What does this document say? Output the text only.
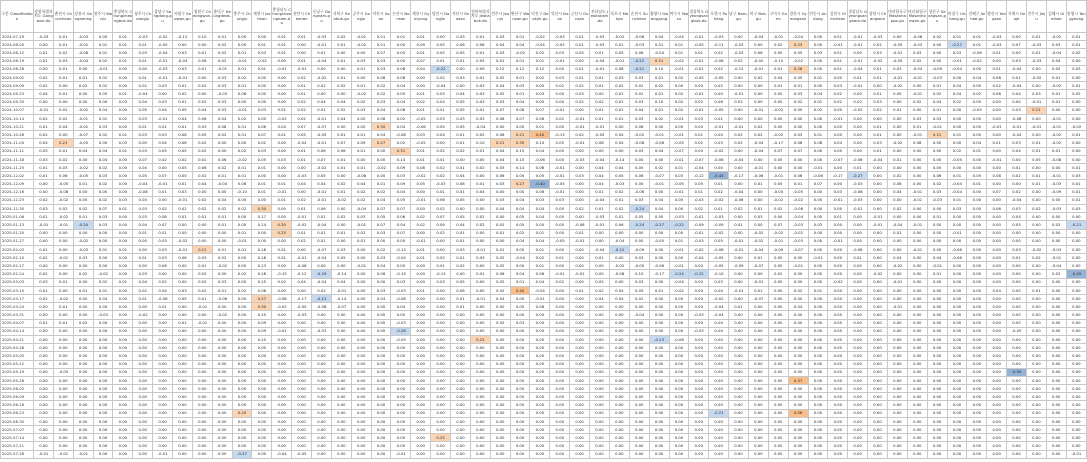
구분 Classification	강원특별자치도 Gangwon-do	춘천시 Chuncheon	강릉시 Gangneung	원주시 Wonju	충청북도 Chungcheongbuk-do	청주시 Cheongju	상당구 Sangdang-gu	서원구 Seowon-gu	청원구 Cheongwon-gu	흥덕구 Heungdeok-gu	충주시 Chungju	제천시 Jecheon	충청남도 Chungcheongnam-do	천안시 Cheonan	동남구 Dongnam-gu	서북구 Seobuk-gu	공주시 Gongju	아산시 Asan	논산시 Nonsan	계룡시 Gyeryong	당진시 Dangjin	서산시 Seosan	전북특별자치도 Jeollabuk-do	전주시 Jeonju	완산구 Wansan-gu	덕진구 Deokjin-gu	익산시 Iksan	군산시 Gunsan	전라남도 Jeollanam-do	목포시 Mokpo	순천시 Suncheon	광양시 Gwangyang	여수시 Yeosu	경상북도 Gyeongsangbuk-do	포항시 Pohang	남구 Nam-gu	북구 Buk-gu	구미시 Gumi	경산시 Gyeongsan	안동시 Andong	김천시 Gimcheon	경상남도 Gyeongsangnam-do	창원시 Changwon	마산합포구 Masanhappo-gu	마산회원구 Masanhoewon-gu	성산구 Seongsan-gu	의창구 Uichang-gu	진해구 Jinhae-gu	양산시 Yangsan	거제시 Geoje	진주시 Jinju	김해시 Gimhae	통영시 Tongyeong
2024-07-29	-0.03	0.01	-0.03	0.00	0.01	-0.03	-0.02	-0.12	0.10	0.01	0.00	0.00	0.01	0.01	-0.03	0.02	-0.01	0.01	0.01	0.01	0.00	0.03	0.01	0.03	0.01	-0.02	-0.03	0.01	-0.03	-0.02	-0.06	0.04	-0.04	-0.01	-0.03	0.00	-0.04	-0.01	-0.04	0.00	0.01	-0.01	-0.03	0.00	-0.06	0.02	0.01	0.01	-0.03	0.00	0.01	-0.02	0.01
2024-08-05	0.00	0.01	-0.02	0.01	0.01	0.01	-0.05	0.00	0.00	0.02	0.00	0.01	0.01	0.00	-0.01	0.01	-0.02	0.01	0.00	0.09	0.05	0.06	0.08	0.04	0.04	-0.04	-0.02	0.01	-0.03	0.01	-0.03	0.01	0.01	-0.05	-0.11	-0.03	0.00	0.02	0.23	0.00	-0.01	-0.01	0.02	-0.05	-0.03	0.00	-0.27	0.01	-0.03	0.07	-0.03	0.03	0.01
2024-08-12	0.01	0.02	-0.08	0.01	0.00	0.03	-0.04	0.03	0.01	0.02	0.01	0.03	0.01	0.00	0.01	0.00	0.00	0.07	0.05	0.01	0.02	0.05	0.01	0.03	-0.02	0.02	0.03	0.05	0.01	0.05	0.06	-0.04	0.01	0.01	0.02	-0.03	0.06	0.00	0.05	0.03	0.01	0.00	0.03	-0.01	0.03	0.00	0.03	-0.06	0.01	0.00	0.01	-0.04	0.02
2024-08-19	0.01	0.03	-0.04	0.02	0.01	0.01	-0.01	-0.04	0.06	0.02	-0.01	-0.02	0.00	0.01	-0.04	0.01	0.03	0.03	0.00	0.07	0.01	0.01	0.05	0.01	0.01	0.01	-0.01	0.00	-0.04	-0.01	-0.22	0.21	-0.02	-0.01	-0.06	0.02	-0.02	-0.10	-0.02	0.00	0.01	-0.01	-0.02	-0.05	0.02	0.00	-0.01	-0.02	0.00	0.03	-0.03	0.04	0.00
2024-08-26	0.00	0.01	0.00	-0.01	0.00	0.00	-0.03	0.03	0.01	-0.01	0.01	0.01	-0.01	-0.01	0.00	0.00	0.01	0.03	0.08	0.04	-0.22	0.00	0.09	0.12	0.12	0.12	0.00	0.01	-0.01	0.08	-0.21	0.10	-0.01	-0.01	0.02	-0.12	-0.01	0.01	0.28	0.00	0.01	-0.04	0.01	0.03	-0.04	-0.09	-0.04	0.00	0.01	-0.04	0.00	0.02	0.03
2024-09-02	0.02	0.01	0.01	0.02	0.00	0.01	-0.01	-0.01	0.00	0.03	0.02	0.00	0.00	0.02	-0.02	0.01	0.00	0.06	0.08	0.00	0.02	0.03	0.01	0.02	0.01	0.02	0.03	0.01	0.01	0.03	0.03	0.01	0.02	-0.05	-0.05	0.00	0.02	0.04	0.05	0.01	0.00	0.01	0.01	-0.01	-0.01	-0.03	0.00	0.04	0.08	0.01	-0.02	0.01	0.00
2024-09-09	0.02	0.00	0.02	0.02	0.00	0.02	0.03	0.01	0.02	0.03	0.01	0.00	0.00	0.01	0.02	0.02	0.01	0.02	0.04	0.00	-0.04	0.00	0.03	0.04	0.03	0.05	0.02	0.02	0.01	0.02	0.02	0.02	0.00	0.00	0.02	0.00	0.00	0.01	0.01	0.00	0.03	-0.01	0.00	-0.02	0.00	0.01	0.04	0.00	0.02	-0.04	0.00	-0.02	0.01
2024-09-23	0.04	0.01	0.00	0.05	0.01	-0.04	0.00	0.02	0.00	-0.03	0.06	0.00	0.00	0.01	0.00	0.00	-0.02	0.02	0.05	0.01	0.03	0.04	0.03	0.02	0.01	0.03	0.00	0.03	0.00	0.01	0.02	0.01	0.02	-0.01	0.00	-0.01	0.00	0.00	0.03	0.04	0.02	0.00	0.01	0.05	-0.01	0.02	0.04	0.02	0.06	0.04	0.03	0.01	0.02
2024-09-30	0.00	0.00	0.00	0.00	0.03	0.04	0.03	0.01	0.02	0.03	0.00	0.00	0.00	0.02	0.04	0.04	0.02	0.03	0.04	0.02	0.04	0.05	0.03	0.03	0.04	0.05	0.00	0.02	0.02	0.01	0.03	0.10	0.02	0.02	0.06	0.02	0.00	0.00	0.02	0.01	0.02	0.02	0.03	0.00	0.02	0.04	0.02	0.05	0.00	0.00	-0.01	0.01	0.00
2024-10-07	-0.01	0.02	-0.02	0.04	0.00	0.05	0.04	0.05	0.04	0.03	-0.01	0.03	0.01	0.02	0.01	0.02	0.03	0.04	0.08	0.01	0.01	0.05	0.01	0.07	0.08	0.07	-0.01	0.00	0.01	0.01	0.04	0.01	0.02	-0.01	-0.05	0.00	-0.01	-0.02	0.00	0.02	0.00	-0.02	0.02	0.01	0.00	0.01	0.00	-0.05	0.00	0.03	0.21	0.00	0.00
2024-10-14	0.02	0.02	-0.01	0.01	0.02	0.03	-0.01	0.04	0.06	0.04	0.02	0.00	-0.02	0.02	-0.01	0.04	0.00	0.06	0.02	-0.02	0.03	0.03	0.03	0.06	0.07	0.06	0.02	-0.01	0.01	0.01	0.03	0.02	-0.01	0.03	0.01	0.00	0.00	0.00	0.00	0.00	-0.01	0.00	0.00	0.00	0.03	0.03	0.00	0.00	0.00	-0.06	0.00	-0.01	0.00
2024-10-21	0.01	0.04	-0.02	0.03	0.00	0.01	0.01	0.01	0.03	0.08	0.01	0.06	0.04	0.07	-0.07	0.00	0.00	0.30	0.04	-0.06	0.05	0.05	-0.04	0.00	0.00	0.01	0.00	-0.01	-0.01	0.00	0.06	0.00	0.00	0.00	-0.01	-0.01	0.02	0.00	0.00	0.00	0.00	0.00	0.01	0.00	0.01	-0.01	0.00	0.00	-0.01	-0.01	-0.01	-0.01	-0.02
2024-10-28	0.02	0.00	-0.07	0.02	0.01	0.03	0.03	0.08	0.05	0.02	0.01	0.07	0.01	0.05	-0.05	0.01	0.01	0.04	-0.08	0.03	0.04	0.01	0.02	0.06	0.21	0.40	-0.13	0.02	-0.05	0.04	-0.02	-0.01	-0.01	0.01	0.00	0.02	0.02	-0.02	0.03	0.01	0.00	0.00	0.01	0.00	-0.01	0.21	0.01	0.00	0.00	-0.04	0.00	-0.02	0.01
2024-11-04	0.04	0.21	-0.05	0.00	0.03	0.00	0.04	0.06	0.02	0.00	0.00	0.02	0.00	-0.04	-0.01	0.07	0.09	0.27	0.02	-0.02	0.00	0.01	0.10	0.21	0.30	0.10	0.05	-0.01	0.08	0.04	-0.08	-0.08	-0.05	0.02	0.03	0.02	-0.04	-0.17	0.06	0.08	0.04	0.00	0.03	-0.02	0.08	0.00	0.00	0.04	0.01	0.03	0.01	-0.02	0.00
2024-11-11	0.05	0.01	0.04	0.04	0.01	0.03	0.05	0.05	0.02	0.00	0.02	0.03	0.00	0.01	0.06	0.06	0.01	0.00	0.31	0.01	0.02	0.02	0.01	0.04	0.15	0.04	0.00	0.00	0.00	0.00	0.03	0.04	-0.07	0.00	-0.02	0.00	-0.04	0.07	0.07	0.00	0.00	0.00	0.01	0.00	0.00	0.00	0.02	0.01	0.00	0.04	0.01	0.01	0.00
2024-11-18	0.03	0.02	0.00	0.04	0.00	0.07	0.02	0.02	0.02	0.06	-0.02	0.05	0.03	0.01	0.07	0.01	0.00	0.00	0.14	0.01	0.01	0.00	0.00	0.04	0.15	-0.06	0.00	-0.03	-0.04	-0.14	0.00	0.00	-0.01	-0.07	-0.06	-0.04	0.00	0.05	0.00	0.00	-0.07	-0.06	-0.04	0.01	0.00	0.00	-0.05	0.00	-0.01	0.00	0.05	-0.08	0.00
2024-11-25	0.01	0.03	-0.02	0.02	0.00	0.04	0.00	0.05	0.06	0.02	0.01	0.01	0.00	0.00	-0.02	0.01	0.01	-0.02	0.09	0.08	0.02	0.01	0.02	0.03	0.14	0.06	-0.01	0.00	0.04	0.04	0.05	0.02	0.01	-0.04	0.00	0.00	-0.01	0.00	0.00	-0.01	0.00	0.01	0.00	0.00	0.00	0.05	0.00	0.00	0.00	0.01	0.00	0.00	0.01
2024-12-02	0.01	0.06	-0.05	0.03	0.00	0.05	0.07	0.00	0.02	0.01	0.01	0.00	0.00	-0.03	0.05	0.00	-0.08	0.00	0.03	-0.02	0.02	0.04	0.00	0.06	0.00	0.05	-0.01	0.03	0.04	0.05	0.06	-0.07	0.03	-0.12	-0.44	-0.17	-0.06	-0.01	0.06	-0.06	-0.17	-0.27	0.00	0.02	0.00	0.06	0.01	0.05	0.08	0.02	0.01	-0.01	0.03
2024-12-09	0.00	-0.05	0.01	0.02	0.00	-0.04	-0.01	0.01	0.04	-0.04	0.06	0.01	0.01	0.04	0.04	0.02	0.04	0.01	0.09	0.05	-0.03	0.08	0.01	0.03	0.27	-0.40	-0.05	0.00	0.04	-0.03	0.00	-0.01	-0.05	0.05	0.01	0.00	0.01	0.05	0.01	0.07	0.00	-0.03	0.00	0.08	0.00	0.02	-0.04	0.01	0.00	0.00	0.01	-0.03	0.01
2024-12-16	0.00	-0.08	0.00	0.00	0.00	-0.08	0.01	0.03	0.00	0.00	-0.10	0.01	-0.01	0.00	-0.01	0.01	0.02	0.02	0.04	0.00	0.01	0.01	0.04	0.00	0.00	0.06	-0.01	0.00	0.01	0.02	-0.06	0.00	-0.01	0.01	0.02	-0.04	0.00	-0.04	-0.05	0.00	0.03	-0.08	0.00	0.04	-0.01	0.03	-0.04	0.00	0.07	0.02	0.00	-0.09	0.01
2024-12-23	0.02	-0.02	0.05	0.02	0.03	0.04	0.00	-0.01	0.02	0.04	0.00	0.00	0.01	0.02	-0.01	-0.02	0.02	0.04	0.05	-0.01	0.06	0.05	0.00	0.03	0.04	0.03	0.03	0.00	-0.04	0.01	0.03	0.04	0.00	-0.03	-0.02	-0.06	0.00	-0.02	-0.02	0.00	-0.01	-0.03	0.00	0.00	-0.01	-0.03	0.01	0.00	0.00	-0.04	0.00	0.00	0.01
2024-12-30	0.03	0.02	0.02	0.07	0.01	0.03	0.02	0.02	0.02	0.02	0.02	0.30	0.00	0.01	0.06	0.00	-0.04	0.07	0.07	0.00	0.02	0.00	0.00	0.04	0.04	0.04	0.00	0.02	0.01	0.02	-0.24	0.04	0.00	0.02	0.01	0.02	0.01	0.02	-0.08	0.00	0.00	-0.01	0.00	0.02	0.00	0.00	0.03	0.00	0.06	0.03	0.02	-0.03	0.03
2025-01-06	0.01	-0.02	0.01	0.03	0.00	0.03	0.08	0.01	0.01	0.01	0.00	0.17	0.00	-0.01	0.01	0.02	0.03	0.05	0.06	0.02	0.07	0.05	0.02	0.00	0.05	0.04	0.00	0.00	-0.03	0.01	0.05	0.00	-0.03	-0.01	-0.03	0.00	0.03	0.00	-0.04	0.00	0.01	0.00	-0.01	0.00	0.00	0.01	0.00	0.00	0.00	0.04	0.00	0.00	0.00
2025-01-13	-0.01	-0.01	-0.20	0.03	0.00	0.04	0.07	0.00	0.00	0.01	0.00	0.14	0.30	-0.02	-0.04	0.00	-0.01	0.07	0.04	0.02	0.09	0.04	0.02	0.02	0.05	0.00	0.00	-0.08	-0.01	0.06	-0.24	-0.27	-0.22	-0.09	-0.09	0.01	0.00	0.07	-0.03	0.03	0.00	0.00	-0.01	-0.04	-0.01	0.00	0.00	0.00	0.00	0.05	0.00	0.02	-0.21
2025-01-20	0.00	0.00	0.00	0.00	0.00	0.01	0.01	0.00	0.00	0.00	0.01	0.00	0.25	0.01	0.01	0.01	0.02	0.03	0.07	0.00	0.02	0.01	0.00	0.01	0.02	0.01	0.00	0.01	0.00	0.00	0.00	0.00	0.00	-0.01	-0.02	0.00	-0.02	-0.02	-0.02	0.00	0.00	0.00	0.00	0.01	0.00	0.00	-0.01	0.00	0.00	0.00	0.00	0.00	0.00
2025-01-27	0.00	0.00	-0.02	0.00	0.00	0.00	0.03	-0.02	0.00	0.00	-0.01	0.00	0.00	0.02	0.01	0.00	0.01	0.00	0.00	-0.01	0.00	0.01	0.00	0.00	0.04	0.04	-0.05	-0.01	0.00	-0.04	0.00	-0.05	0.01	-0.03	0.05	-0.01	-0.02	-0.01	-0.03	0.00	-0.01	0.00	0.00	0.00	0.00	0.00	0.00	0.00	0.00	0.00	0.00	0.00	0.00
2025-02-03	0.01	0.00	-0.03	0.01	0.01	0.00	0.03	-0.01	0.21	0.01	0.01	0.18	0.01	0.00	-0.07	0.03	0.00	0.02	-0.13	0.01	0.00	0.03	-0.01	0.01	0.05	0.01	0.00	0.00	-0.04	-0.22	-0.09	0.00	-0.01	-0.02	-0.08	-0.01	-0.04	-0.09	-0.07	0.00	0.00	-0.08	0.00	0.00	-0.01	0.00	-0.06	0.00	0.00	0.03	-0.02	-0.03	0.00
2025-02-10	0.02	-0.01	0.03	0.00	0.00	0.01	0.03	0.06	0.03	0.02	0.00	0.18	0.01	-0.01	-0.04	0.05	0.00	0.03	-0.04	0.01	0.02	0.01	0.03	0.02	-0.04	0.02	0.01	0.00	0.01	0.00	0.03	0.00	0.00	-0.04	-0.05	0.00	0.01	0.00	0.00	-0.01	0.00	0.01	0.00	0.04	0.00	0.04	-0.06	0.00	0.00	0.01	0.02	-0.01	0.00
2025-02-17	0.00	0.00	0.00	0.00	0.00	0.00	0.06	0.00	0.01	-0.02	0.00	0.13	0.00	-0.08	0.00	0.00	-0.01	0.04	0.05	0.00	0.01	0.02	0.00	0.02	0.00	0.01	0.00	0.00	0.00	-0.02	-0.05	-0.06	-0.01	0.00	-0.05	-0.09	-0.07	0.00	-0.01	0.00	0.00	0.00	0.00	-0.02	0.00	-0.01	0.00	0.00	0.00	0.00	0.00	-0.04	0.00
2025-02-24	0.02	0.00	0.02	-0.02	0.00	0.03	0.00	0.00	0.02	0.00	0.02	0.18	-0.15	-0.12	-0.29	-0.14	0.00	0.06	-0.15	0.00	-0.13	0.00	0.01	0.06	0.04	0.06	-0.01	-0.01	0.00	-0.08	0.10	-0.17	-0.24	-0.22	-0.10	0.00	0.00	0.02	0.00	0.00	0.00	0.00	-0.02	0.00	0.00	0.01	0.00	0.00	0.00	0.00	0.00	0.02	-0.45
2025-03-03	0.03	0.01	0.00	0.02	0.01	0.04	0.02	0.00	0.02	0.03	0.00	0.15	0.02	0.04	-0.04	0.04	0.00	0.00	0.03	0.00	0.03	0.05	0.00	0.02	0.01	0.04	0.02	0.00	0.05	0.00	0.03	0.00	-0.04	0.00	0.03	0.00	-0.01	0.00	0.00	0.00	-0.02	0.00	0.00	-0.01	0.00	0.00	0.00	0.00	0.00	0.00	0.00	0.00	0.00
2025-03-10	0.01	0.00	0.01	0.01	0.00	0.02	0.04	0.03	0.02	0.01	0.02	0.06	0.00	0.00	0.02	-0.01	0.00	0.03	-0.03	0.01	0.00	0.06	0.00	0.02	0.40	-0.04	0.00	0.01	0.02	0.04	0.05	0.01	-0.02	0.00	0.00	-0.01	0.01	0.00	0.02	0.01	0.00	0.00	0.00	0.00	0.00	0.00	0.00	0.00	0.04	0.00	0.01	0.00	0.00
2025-03-17	0.02	-0.02	0.00	0.04	0.00	0.01	-0.06	0.05	0.01	-0.06	0.00	0.27	-0.08	-0.17	-0.21	-0.14	0.00	0.04	-0.08	0.00	0.00	0.01	-0.01	0.04	0.00	-0.01	0.00	0.00	0.04	0.04	0.02	0.00	0.00	0.00	-0.02	0.00	-0.07	0.00	0.00	0.00	0.00	0.00	0.00	0.00	0.00	0.00	0.00	0.00	0.00	0.00	0.00	0.00	0.00
2025-03-24	0.00	0.01	0.00	0.00	0.00	0.00	0.01	0.00	-0.01	0.00	0.00	0.30	-0.02	-0.05	-0.08	-0.07	0.00	0.00	0.04	0.00	0.00	0.01	0.00	0.00	0.05	0.06	0.00	0.00	0.00	0.00	0.00	0.00	0.00	0.00	-0.04	0.01	0.00	0.00	0.04	0.00	0.00	0.00	0.00	-0.01	0.00	0.00	0.00	0.00	0.00	0.00	0.00	0.00	0.00
2025-03-31	0.00	0.00	0.00	-0.03	0.00	-0.02	0.00	0.00	0.00	-0.02	0.00	0.10	0.00	-0.03	0.00	0.00	0.00	0.00	0.00	0.00	0.00	0.00	0.00	0.00	0.00	0.00	0.00	0.00	0.00	0.00	-0.04	0.00	0.00	-0.03	-0.04	0.00	0.00	0.00	0.00	0.00	0.00	0.00	0.00	0.00	0.00	0.00	0.00	0.00	0.00	0.00	0.00	0.00	0.00
2025-04-07	0.01	0.01	0.02	0.00	0.00	0.00	0.00	0.01	-0.01	0.00	0.00	0.09	0.00	0.00	0.00	0.00	0.00	0.00	-0.03	0.00	0.00	0.00	0.00	0.02	0.03	0.00	0.00	0.00	0.00	0.00	0.00	0.00	0.00	0.00	0.00	0.00	0.00	0.00	0.00	0.00	0.00	0.00	0.00	0.00	0.00	0.00	0.00	0.00	0.00	0.00	0.00	0.00	0.00
2025-04-14	0.00	0.00	0.00	0.00	0.00	0.00	0.00	0.00	0.00	0.00	0.00	0.09	-0.01	0.00	-0.03	0.00	0.00	0.00	-0.28	0.00	0.00	0.00	0.00	0.00	0.00	0.00	0.00	0.00	0.00	0.00	0.00	0.00	0.00	-0.03	0.00	0.00	0.00	0.00	0.00	0.00	0.00	0.00	0.00	0.00	0.00	0.00	0.00	0.00	0.00	-0.05	0.00	0.00	0.00
2025-04-21	0.00	0.00	0.00	0.00	0.00	0.00	0.00	0.00	0.00	0.00	0.00	0.10	0.00	0.00	0.00	0.00	0.00	0.00	-0.05	0.00	0.00	0.00	0.25	0.00	0.00	0.00	0.00	0.00	0.00	0.00	0.00	-0.23	-0.06	0.00	0.00	0.00	0.00	0.00	0.00	0.00	0.00	0.00	0.00	0.00	0.00	0.00	0.00	0.00	0.00	0.00	0.00	0.00	0.00
2025-04-28	0.00	0.00	0.00	0.00	0.00	0.00	0.00	0.00	0.00	0.00	0.00	0.00	0.00	0.00	0.00	0.00	0.00	0.00	0.00	0.00	0.00	0.00	0.00	0.00	0.00	0.00	0.00	0.00	0.00	0.00	0.00	0.00	0.00	0.00	0.00	0.00	0.00	0.00	0.00	0.00	0.00	0.00	0.00	0.00	0.00	0.00	0.00	0.00	0.00	0.00	0.00	0.00	0.00
2025-05-05	0.00	0.00	0.00	0.00	0.00	0.00	0.00	0.00	0.00	0.00	0.00	0.00	0.00	0.00	0.00	0.00	0.00	0.00	0.00	0.00	0.00	0.00	0.00	0.00	0.00	0.00	0.00	0.00	0.00	0.00	0.00	0.00	0.00	0.00	0.00	0.00	0.00	0.00	0.00	0.00	0.00	0.00	0.00	0.00	0.00	0.00	0.00	0.00	0.00	0.00	0.00	0.00	0.00
2025-05-12	0.00	0.00	0.00	0.00	0.00	0.00	0.00	0.00	0.00	0.00	0.00	0.00	0.00	0.00	0.00	0.00	0.00	0.00	0.00	0.00	0.00	0.00	0.00	0.00	0.00	0.00	0.00	0.00	0.00	0.00	0.00	0.00	0.00	0.00	0.00	0.00	0.00	0.00	0.00	0.00	0.00	0.00	0.00	0.00	0.00	0.00	0.00	0.00	0.00	0.00	0.00	0.00	0.00
2025-05-19	0.00	-0.05	0.00	0.00	0.00	0.00	0.00	0.00	0.00	0.00	0.00	0.00	0.00	0.00	0.00	0.00	0.00	0.00	0.00	0.00	0.00	0.00	0.00	0.00	0.00	0.00	0.00	0.00	0.00	0.00	0.00	0.00	0.00	0.00	0.00	0.00	0.00	0.00	0.00	0.00	0.00	0.00	0.00	0.00	0.00	0.00	0.00	0.00	0.00	-0.50	0.00	0.00	0.00
2025-05-26	0.00	0.00	0.00	0.00	0.00	0.00	0.00	0.00	0.00	0.00	0.00	0.00	0.00	0.00	0.00	0.00	0.00	0.00	0.00	0.00	0.00	0.00	0.00	0.00	0.00	0.00	0.00	0.00	0.00	0.00	0.00	0.00	0.00	0.00	0.00	0.00	0.00	0.00	0.37	0.00	0.00	0.00	0.00	0.00	0.00	0.00	0.00	0.00	0.00	0.00	0.00	0.00	0.00
2025-06-02	0.00	0.00	0.00	0.00	0.00	0.00	0.00	0.00	0.00	0.00	0.00	0.00	0.00	0.00	0.00	0.00	0.00	0.00	0.00	0.00	0.00	0.00	0.00	0.00	0.00	0.00	0.00	0.00	0.00	0.00	0.00	0.00	0.00	0.00	0.00	0.00	0.00	0.00	0.00	0.00	0.00	0.00	0.00	0.00	0.00	0.00	0.00	0.00	0.00	0.00	0.00	0.00	0.00
2025-06-09	0.00	0.00	0.00	0.00	0.00	0.00	0.00	0.00	0.00	0.00	0.00	0.00	0.00	0.00	0.00	0.00	0.00	0.00	0.00	0.00	0.00	0.00	0.00	0.00	0.00	0.00	0.00	0.00	0.00	0.00	0.00	0.00	0.00	0.00	0.00	0.00	0.00	0.00	0.00	0.00	0.00	0.00	0.00	0.00	0.00	0.00	0.00	0.00	0.00	0.00	0.00	0.00	0.00
2025-06-16	0.00	0.00	0.00	0.00	0.00	0.00	0.00	0.00	0.00	0.00	0.00	0.00	0.00	0.00	0.00	0.00	0.00	0.00	0.00	0.00	0.00	0.00	0.00	0.00	0.00	0.00	0.00	0.00	0.00	0.00	0.00	0.00	0.00	0.00	0.00	0.00	0.00	0.00	0.00	0.00	0.00	0.00	0.00	0.00	0.00	0.00	0.00	0.00	0.00	0.00	0.00	0.00	0.00
2025-06-23	0.00	0.00	0.00	0.00	0.00	0.00	0.00	0.00	0.00	0.00	0.20	0.00	0.00	0.00	0.00	0.00	0.00	0.00	0.00	0.00	0.00	0.00	0.00	0.00	0.00	0.00	0.00	0.00	0.00	0.00	0.00	0.00	0.00	0.00	-0.21	0.00	0.00	0.00	0.56	0.00	0.00	0.00	0.00	0.00	0.00	0.00	0.00	0.00	0.00	0.00	0.00	0.00	0.00
2025-06-30	0.00	0.00	0.00	0.00	0.00	0.00	0.00	0.00	0.00	0.00	0.00	0.00	0.00	0.00	0.00	0.00	0.00	0.00	0.00	0.00	0.00	0.00	0.00	0.00	0.00	0.00	0.00	0.00	0.00	0.00	0.00	0.00	0.00	0.00	0.00	0.00	0.00	0.00	0.00	0.00	0.00	0.00	0.00	0.00	0.00	0.00	0.00	0.00	0.00	0.00	0.00	0.00	0.00
2025-07-07	0.00	0.00	0.00	0.00	0.00	0.00	0.00	0.00	0.00	0.00	0.00	0.00	0.00	0.00	0.00	0.00	0.00	0.00	0.00	0.00	0.00	0.00	0.00	0.00	0.00	0.00	0.00	0.00	0.00	0.00	0.00	0.00	0.00	0.00	0.00	0.00	0.00	0.00	0.00	0.00	0.00	0.00	0.00	0.00	0.00	0.00	0.00	0.00	0.00	0.00	0.00	0.00	0.00
2025-07-14	0.00	0.00	0.00	0.00	0.00	0.00	0.00	0.00	0.00	0.00	0.00	0.00	0.00	0.00	0.00	0.00	0.00	0.00	0.00	0.00	0.25	0.00	0.00	0.00	0.00	0.00	0.00	0.00	0.00	0.00	0.00	0.00	0.00	0.00	0.00	0.00	0.00	0.00	0.00	0.00	0.00	0.00	0.00	0.00	0.00	0.00	0.00	0.00	0.00	0.00	0.00	0.00	0.00
2025-07-21	0.00	0.00	0.00	0.00	0.00	0.00	0.00	0.00	0.00	0.00	0.00	0.00	0.00	0.00	0.00	0.00	0.00	0.00	0.00	0.00	0.00	0.00	0.00	0.00	0.00	0.00	0.00	0.00	0.00	0.00	0.00	0.00	0.00	0.00	0.00	0.00	0.00	0.00	0.00	0.00	0.00	0.00	0.00	0.00	0.00	0.00	0.00	0.00	0.00	0.00	0.00	0.00	0.00
2025-07-28	-0.01	-0.01	-0.01	0.00	0.00	0.00	-0.01	0.00	0.00	0.00	-0.27	0.00	-0.04	-0.05	0.00	0.00	0.00	0.00	-0.01	0.00	0.00	0.00	0.00	0.00	0.00	0.00	0.00	0.00	0.00	0.00	0.00	0.00	0.00	0.00	0.00	0.00	0.00	0.00	0.00	0.00	0.00	0.00	0.00	0.00	0.00	0.00	0.00	0.00	0.00	0.00	0.00	0.00	-0.01
